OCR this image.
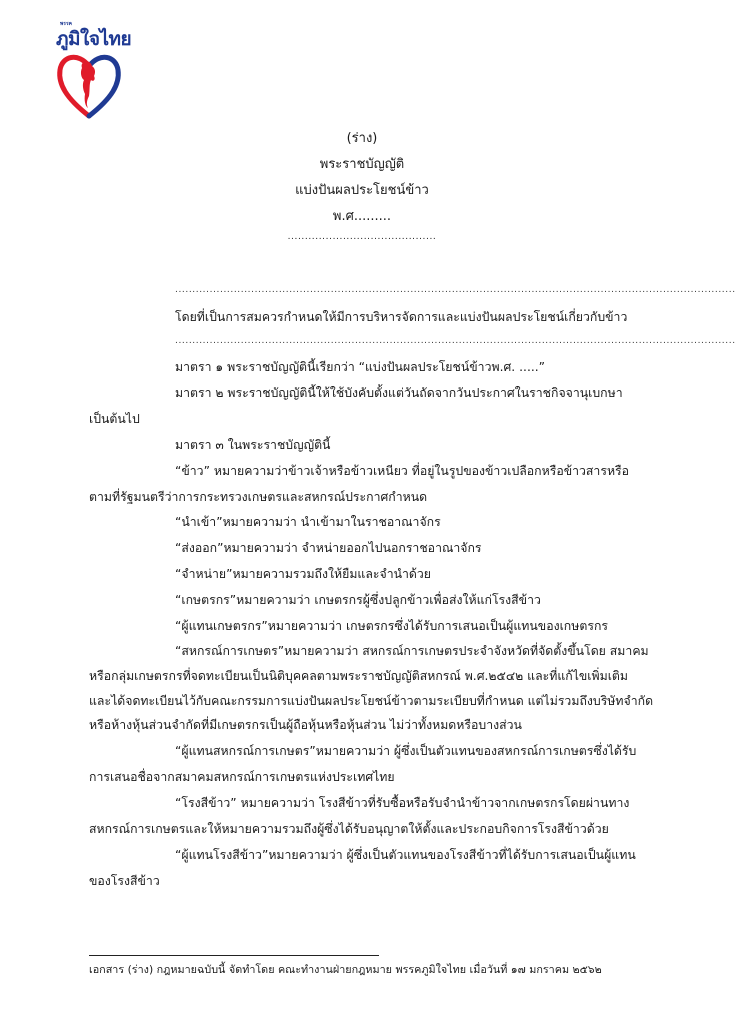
พรรค
ภูมิใจไทย
(ร่าง)
พระราชบัญญัติ
แบ่งปันผลประโยชน์ข้าว
พ.ศ.........
...........................................
..................................................................................................................................................................
โดยที่เป็นการสมควรกำหนดให้มีการบริหารจัดการและแบ่งปันผลประโยชน์เกี่ยวกับข้าว
..................................................................................................................................................................
มาตรา ๑ พระราชบัญญัตินี้เรียกว่า “แบ่งปันผลประโยชน์ข้าวพ.ศ. .....”
มาตรา ๒ พระราชบัญญัตินี้ให้ใช้บังคับตั้งแต่วันถัดจากวันประกาศในราชกิจจานุเบกษา
เป็นต้นไป
มาตรา ๓ ในพระราชบัญญัตินี้
“ข้าว” หมายความว่าข้าวเจ้าหรือข้าวเหนียว ที่อยู่ในรูปของข้าวเปลือกหรือข้าวสารหรือ
ตามที่รัฐมนตรีว่าการกระทรวงเกษตรและสหกรณ์ประกาศกำหนด
“นำเข้า”หมายความว่า นำเข้ามาในราชอาณาจักร
“ส่งออก”หมายความว่า จำหน่ายออกไปนอกราชอาณาจักร
“จำหน่าย”หมายความรวมถึงให้ยืมและจำนำด้วย
“เกษตรกร”หมายความว่า เกษตรกรผู้ซึ่งปลูกข้าวเพื่อส่งให้แก่โรงสีข้าว
“ผู้แทนเกษตรกร”หมายความว่า เกษตรกรซึ่งได้รับการเสนอเป็นผู้แทนของเกษตรกร
“สหกรณ์การเกษตร”หมายความว่า สหกรณ์การเกษตรประจำจังหวัดที่จัดตั้งขึ้นโดย สมาคม
หรือกลุ่มเกษตรกรที่จดทะเบียนเป็นนิติบุคคลตามพระราชบัญญัติสหกรณ์ พ.ศ.๒๕๔๒ และที่แก้ไขเพิ่มเติม
และได้จดทะเบียนไว้กับคณะกรรมการแบ่งปันผลประโยชน์ข้าวตามระเบียบที่กำหนด แต่ไม่รวมถึงบริษัทจำกัด
หรือห้างหุ้นส่วนจำกัดที่มีเกษตรกรเป็นผู้ถือหุ้นหรือหุ้นส่วน ไม่ว่าทั้งหมดหรือบางส่วน
“ผู้แทนสหกรณ์การเกษตร”หมายความว่า ผู้ซึ่งเป็นตัวแทนของสหกรณ์การเกษตรซึ่งได้รับ
การเสนอชื่อจากสมาคมสหกรณ์การเกษตรแห่งประเทศไทย
“โรงสีข้าว” หมายความว่า โรงสีข้าวที่รับซื้อหรือรับจำนำข้าวจากเกษตรกรโดยผ่านทาง
สหกรณ์การเกษตรและให้หมายความรวมถึงผู้ซึ่งได้รับอนุญาตให้ตั้งและประกอบกิจการโรงสีข้าวด้วย
“ผู้แทนโรงสีข้าว”หมายความว่า ผู้ซึ่งเป็นตัวแทนของโรงสีข้าวที่ได้รับการเสนอเป็นผู้แทน
ของโรงสีข้าว
เอกสาร (ร่าง) กฎหมายฉบับนี้ จัดทำโดย คณะทำงานฝ่ายกฎหมาย พรรคภูมิใจไทย เมื่อวันที่ ๑๗ มกราคม ๒๕๖๒
